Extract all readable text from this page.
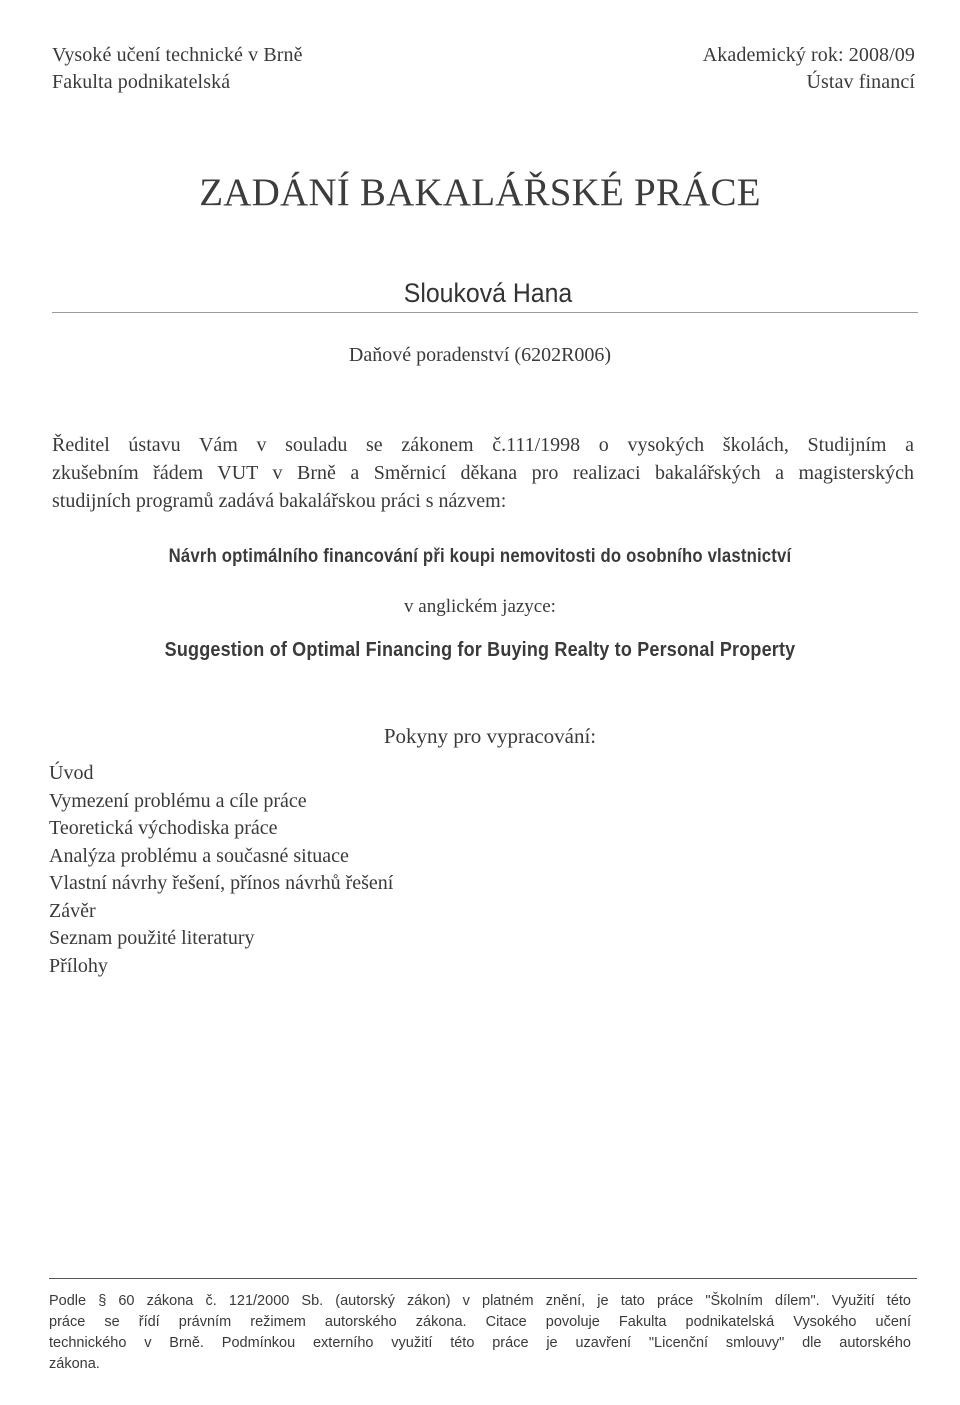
Vysoké učení technické v Brně
Fakulta podnikatelská
Akademický rok: 2008/09
Ústav financí
ZADÁNÍ BAKALÁŘSKÉ PRÁCE
Slouková Hana
Daňové poradenství (6202R006)
Ředitel ústavu Vám v souladu se zákonem č.111/1998 o vysokých školách, Studijním a
zkušebním řádem VUT v Brně a Směrnicí děkana pro realizaci bakalářských a magisterských
studijních programů zadává bakalářskou práci s názvem:
Návrh optimálního financování při koupi nemovitosti do osobního vlastnictví
v anglickém jazyce:
Suggestion of Optimal Financing for Buying Realty to Personal Property
Pokyny pro vypracování:
Úvod
Vymezení problému a cíle práce
Teoretická východiska práce
Analýza problému a současné situace
Vlastní návrhy řešení, přínos návrhů řešení
Závěr
Seznam použité literatury
Přílohy
Podle § 60 zákona č. 121/2000 Sb. (autorský zákon) v platném znění, je tato práce "Školním dílem". Využití této
práce se řídí právním režimem autorského zákona. Citace povoluje Fakulta podnikatelská Vysokého učení
technického v Brně. Podmínkou externího využití této práce je uzavření "Licenční smlouvy" dle autorského
zákona.
